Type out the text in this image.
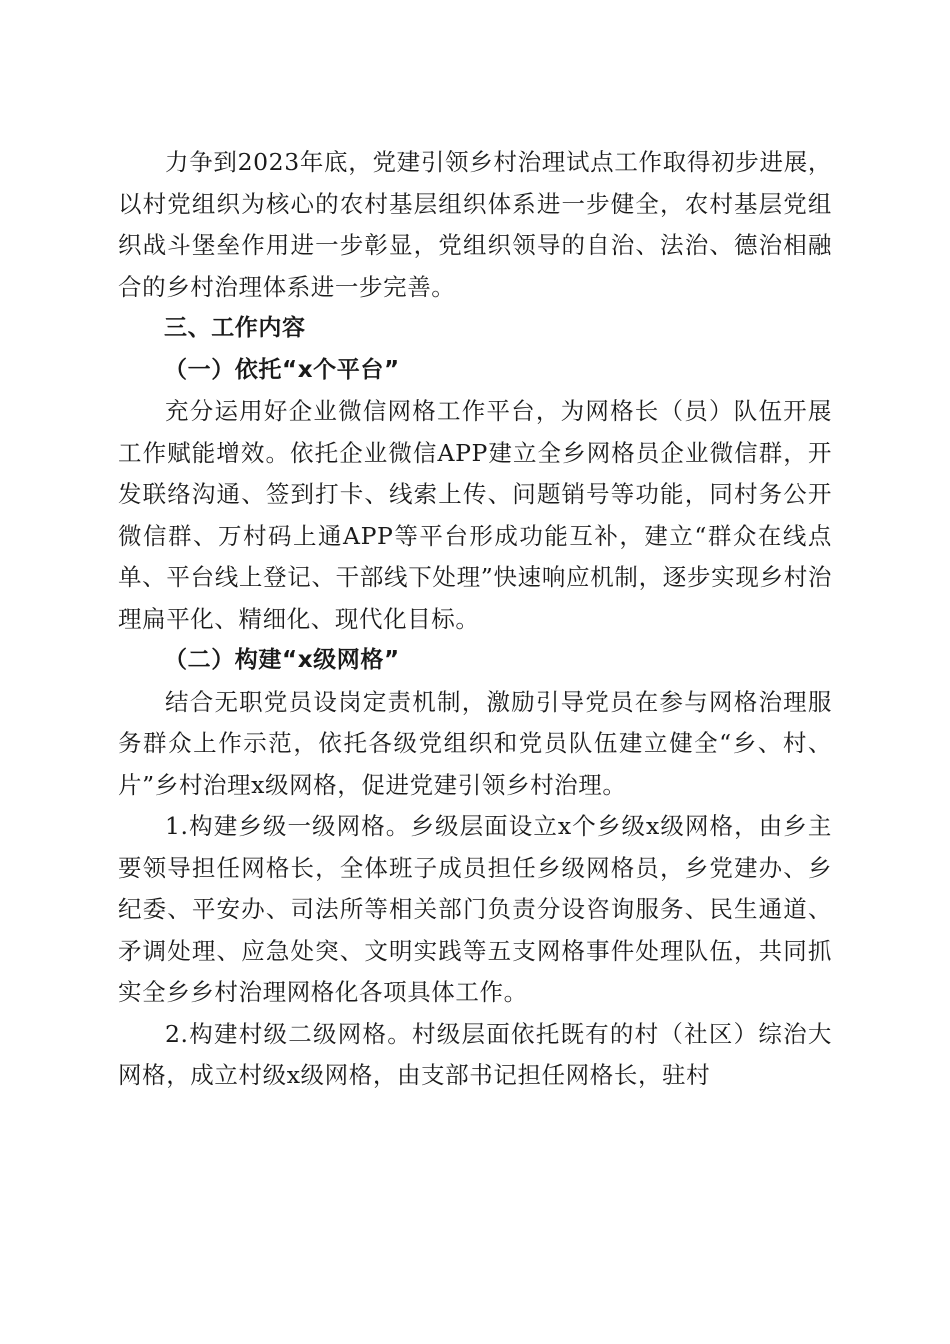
力争到2023年底，党建引领乡村治理试点工作取得初步进展，以村党组织为核心的农村基层组织体系进一步健全，农村基层党组织战斗堡垒作用进一步彰显，党组织领导的自治、法治、德治相融合的乡村治理体系进一步完善。

三、工作内容

（一）依托“x个平台”

充分运用好企业微信网格工作平台，为网格长（员）队伍开展工作赋能增效。依托企业微信APP建立全乡网格员企业微信群，开发联络沟通、签到打卡、线索上传、问题销号等功能，同村务公开微信群、万村码上通APP等平台形成功能互补，建立“群众在线点单、平台线上登记、干部线下处理”快速响应机制，逐步实现乡村治理扁平化、精细化、现代化目标。

（二）构建“x级网格”

结合无职党员设岗定责机制，激励引导党员在参与网格治理服务群众上作示范，依托各级党组织和党员队伍建立健全“乡、村、片”乡村治理x级网格，促进党建引领乡村治理。

1.构建乡级一级网格。乡级层面设立x个乡级x级网格，由乡主要领导担任网格长，全体班子成员担任乡级网格员，乡党建办、乡纪委、平安办、司法所等相关部门负责分设咨询服务、民生通道、矛调处理、应急处突、文明实践等五支网格事件处理队伍，共同抓实全乡乡村治理网格化各项具体工作。

2.构建村级二级网格。村级层面依托既有的村（社区）综治大网格，成立村级x级网格，由支部书记担任网格长，驻村
